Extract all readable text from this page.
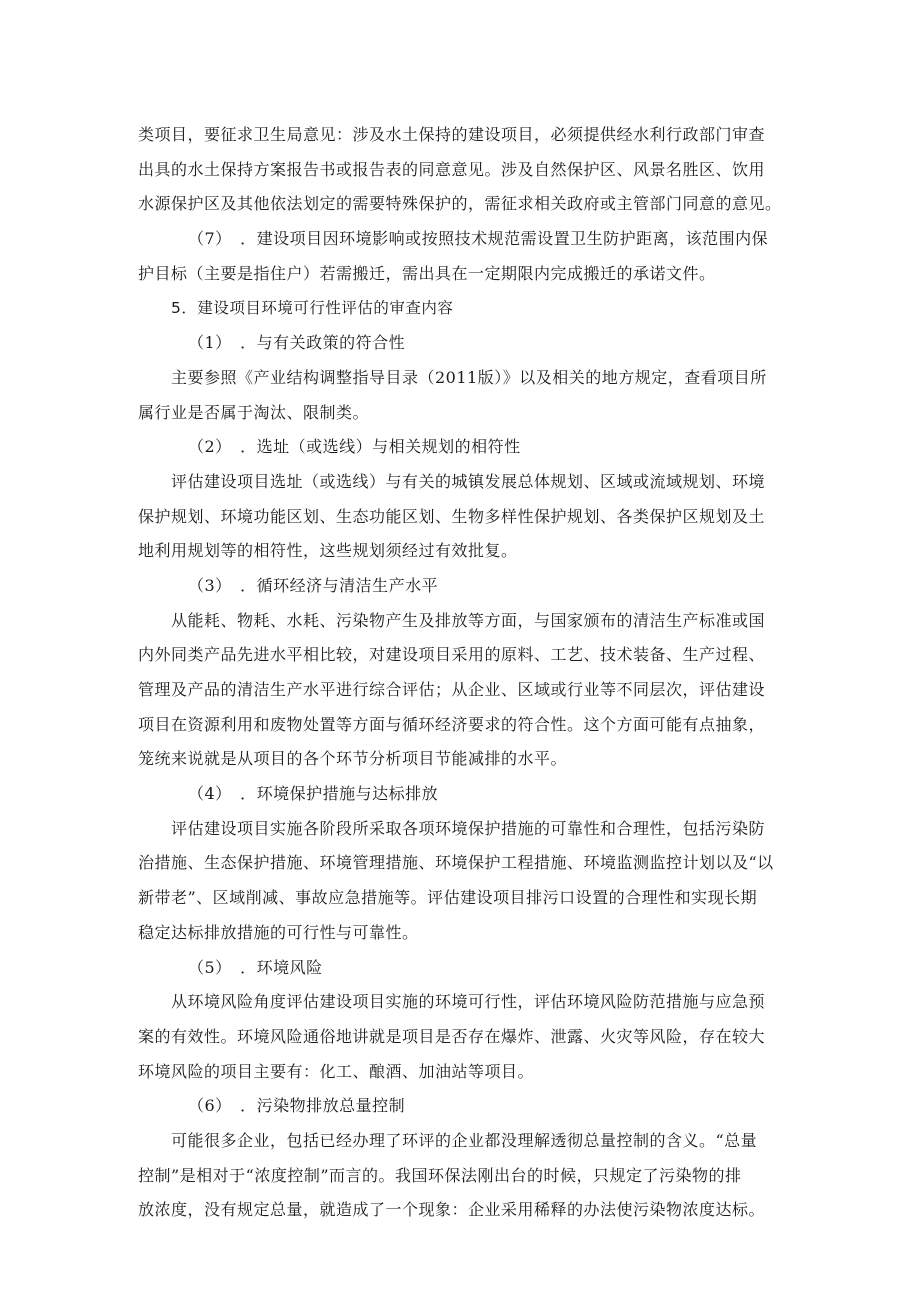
类项目，要征求卫生局意见：涉及水土保持的建设项目，必须提供经水利行政部门审查
出具的水土保持方案报告书或报告表的同意意见。涉及自然保护区、风景名胜区、饮用
水源保护区及其他依法划定的需要特殊保护的，需征求相关政府或主管部门同意的意见。
（7）　．建设项目因环境影响或按照技术规范需设置卫生防护距离，该范围内保
护目标（主要是指住户）若需搬迁，需出具在一定期限内完成搬迁的承诺文件。
5．建设项目环境可行性评估的审查内容
（1）　．与有关政策的符合性
主要参照《产业结构调整指导目录（2011版）》以及相关的地方规定，查看项目所
属行业是否属于淘汰、限制类。
（2）　．选址（或选线）与相关规划的相符性
评估建设项目选址（或选线）与有关的城镇发展总体规划、区域或流域规划、环境
保护规划、环境功能区划、生态功能区划、生物多样性保护规划、各类保护区规划及土
地利用规划等的相符性，这些规划须经过有效批复。
（3）　．循环经济与清洁生产水平
从能耗、物耗、水耗、污染物产生及排放等方面，与国家颁布的清洁生产标准或国
内外同类产品先进水平相比较，对建设项目采用的原料、工艺、技术装备、生产过程、
管理及产品的清洁生产水平进行综合评估；从企业、区域或行业等不同层次，评估建设
项目在资源利用和废物处置等方面与循环经济要求的符合性。这个方面可能有点抽象，
笼统来说就是从项目的各个环节分析项目节能减排的水平。
（4）　．环境保护措施与达标排放
评估建设项目实施各阶段所采取各项环境保护措施的可靠性和合理性，包括污染防
治措施、生态保护措施、环境管理措施、环境保护工程措施、环境监测监控计划以及“以
新带老”、区域削减、事故应急措施等。评估建设项目排污口设置的合理性和实现长期
稳定达标排放措施的可行性与可靠性。
（5）　．环境风险
从环境风险角度评估建设项目实施的环境可行性，评估环境风险防范措施与应急预
案的有效性。环境风险通俗地讲就是项目是否存在爆炸、泄露、火灾等风险，存在较大
环境风险的项目主要有：化工、酿酒、加油站等项目。
（6）　．污染物排放总量控制
可能很多企业，包括已经办理了环评的企业都没理解透彻总量控制的含义。“总量
控制”是相对于“浓度控制”而言的。我国环保法刚出台的时候，只规定了污染物的排
放浓度，没有规定总量，就造成了一个现象：企业采用稀释的办法使污染物浓度达标。
